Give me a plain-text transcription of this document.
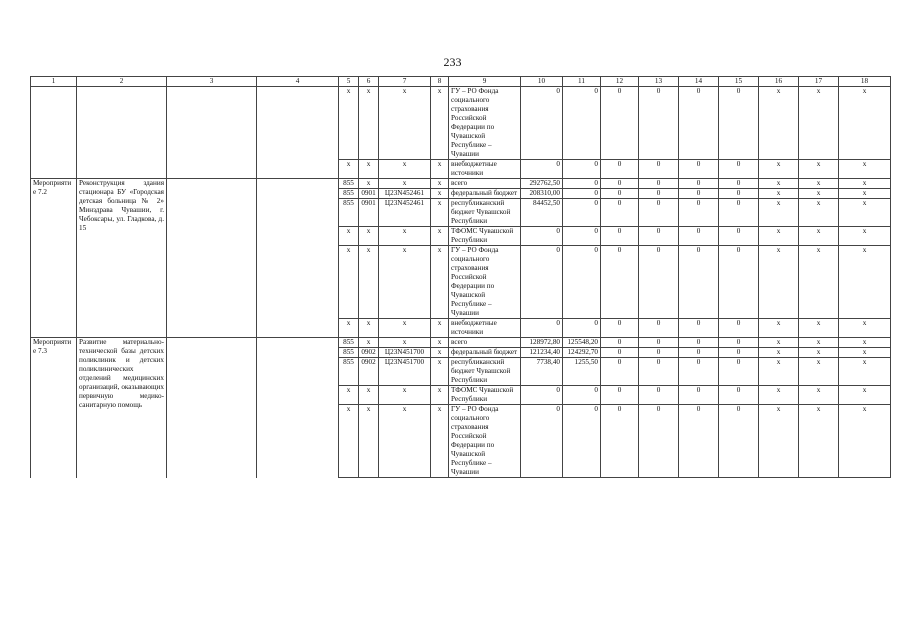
233
1	2	3	4	5	6	7	8	9	10	11	12	13	14	15	16	17	18
				x	x	x	x	ГУ – РО Фонда социального страхования Российской Федерации по Чувашской Республике – Чувашии	0	0	0	0	0	0	x	x	x
				x	x	x	x	внебюджетные источники	0	0	0	0	0	0	x	x	x
Мероприятие 7.2	Реконструкция здания стационара БУ «Городская детская больница № 2» Минздрава Чувашии, г. Чебоксары, ул. Гладкова, д. 15			855	x	x	x	всего	292762,50	0	0	0	0	0	x	x	x
				855	0901	Ц23N452461	x	федеральный бюджет	208310,00	0	0	0	0	0	x	x	x
				855	0901	Ц23N452461	x	республиканский бюджет Чувашской Республики	84452,50	0	0	0	0	0	x	x	x
				x	x	x	x	ТФОМС Чувашской Республики	0	0	0	0	0	0	x	x	x
				x	x	x	x	ГУ – РО Фонда социального страхования Российской Федерации по Чувашской Республике – Чувашии	0	0	0	0	0	0	x	x	x
				x	x	x	x	внебюджетные источники	0	0	0	0	0	0	x	x	x
Мероприятие 7.3	Развитие материально-технической базы детских поликлиник и детских поликлинических отделений медицинских организаций, оказывающих первичную медико-санитарную помощь			855	x	x	x	всего	128972,80	125548,20	0	0	0	0	x	x	x
				855	0902	Ц23N451700	x	федеральный бюджет	121234,40	124292,70	0	0	0	0	x	x	x
				855	0902	Ц23N451700	x	республиканский бюджет Чувашской Республики	7738,40	1255,50	0	0	0	0	x	x	x
				x	x	x	x	ТФОМС Чувашской Республики	0	0	0	0	0	0	x	x	x
				x	x	x	x	ГУ – РО Фонда социального страхования Российской Федерации по Чувашской Республике – Чувашии	0	0	0	0	0	0	x	x	x
